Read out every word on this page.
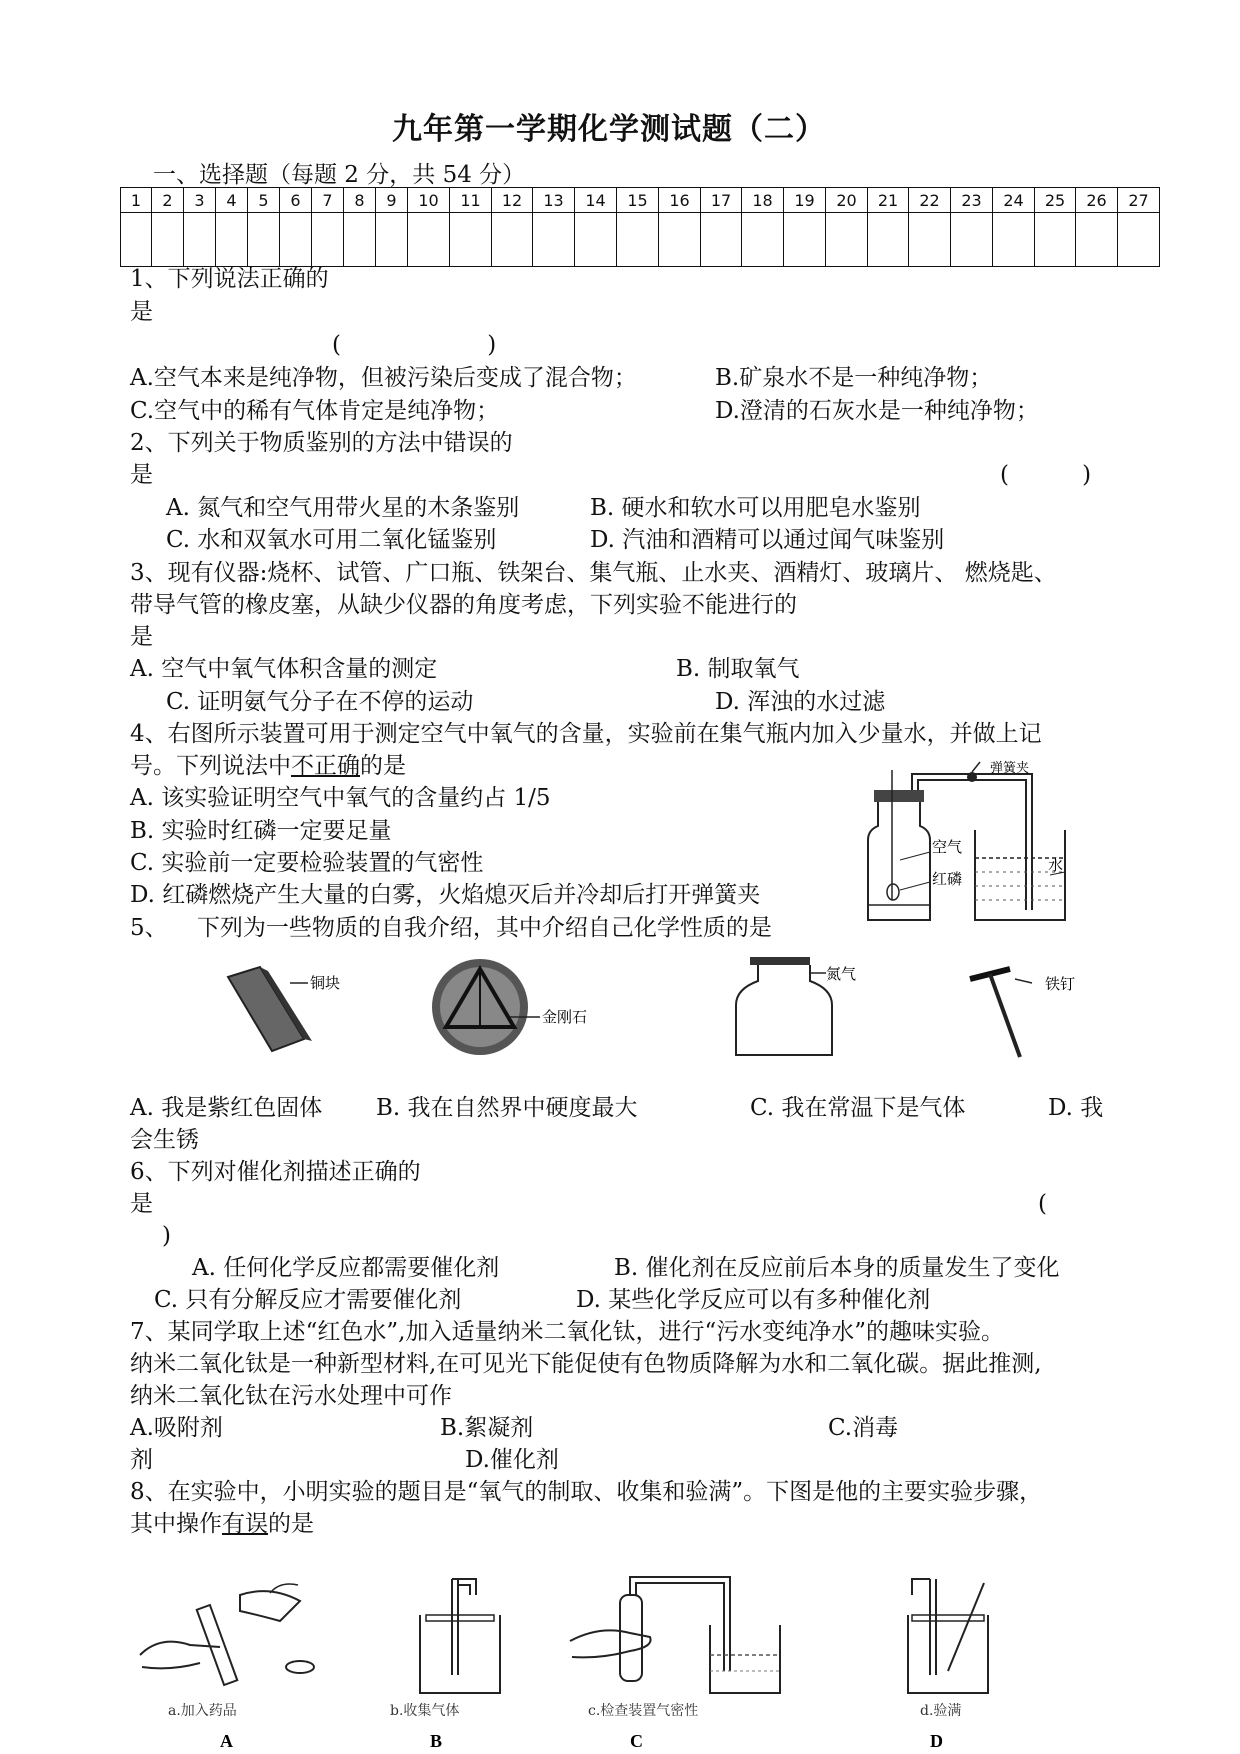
九年第一学期化学测试题（二）
一、选择题（每题 2 分，共 54 分）
1	2	3	4	5	6	7	8	9	10	11	12	13	14	15	16	17	18	19	20	21	22	23	24	25	26	27

1、下列说法正确的
是
(                    )
A.空气本来是纯净物，但被污染后变成了混合物；	B.矿泉水不是一种纯净物；
C.空气中的稀有气体肯定是纯净物；	D.澄清的石灰水是一种纯净物；
2、下列关于物质鉴别的方法中错误的
是	(          )
A. 氮气和空气用带火星的木条鉴别	B. 硬水和软水可以用肥皂水鉴别
C. 水和双氧水可用二氧化锰鉴别	D. 汽油和酒精可以通过闻气味鉴别
3、现有仪器:烧杯、试管、广口瓶、铁架台、集气瓶、止水夹、酒精灯、玻璃片、 燃烧匙、
带导气管的橡皮塞，从缺少仪器的角度考虑，下列实验不能进行的
是
A. 空气中氧气体积含量的测定	B. 制取氧气
C. 证明氨气分子在不停的运动	D. 浑浊的水过滤
4、右图所示装置可用于测定空气中氧气的含量，实验前在集气瓶内加入少量水，并做上记
号。下列说法中不正确的是
A. 该实验证明空气中氧气的含量约占 1/5
B. 实验时红磷一定要足量
C. 实验前一定要检验装置的气密性
D. 红磷燃烧产生大量的白雾，火焰熄灭后并冷却后打开弹簧夹
弹簧夹
空气
红磷
水
5、    下列为一些物质的自我介绍，其中介绍自己化学性质的是
铜块
金刚石
氮气
铁钉
A. 我是紫红色固体 B. 我在自然界中硬度最大	C. 我在常温下是气体	D. 我
会生锈
6、下列对催化剂描述正确的
是	(
)
A. 任何化学反应都需要催化剂	B. 催化剂在反应前后本身的质量发生了变化
C. 只有分解反应才需要催化剂	D. 某些化学反应可以有多种催化剂
7、某同学取上述“红色水”,加入适量纳米二氧化钛，进行“污水变纯净水”的趣味实验。
纳米二氧化钛是一种新型材料,在可见光下能促使有色物质降解为水和二氧化碳。据此推测,
纳米二氧化钛在污水处理中可作
A.吸附剂	B.絮凝剂	C.消毒
剂	D.催化剂
8、在实验中，小明实验的题目是“氧气的制取、收集和验满”。下图是他的主要实验步骤，
其中操作有误的是
a.加入药品
A
b.收集气体
B
c.检查装置气密性
C
d.验满
D
